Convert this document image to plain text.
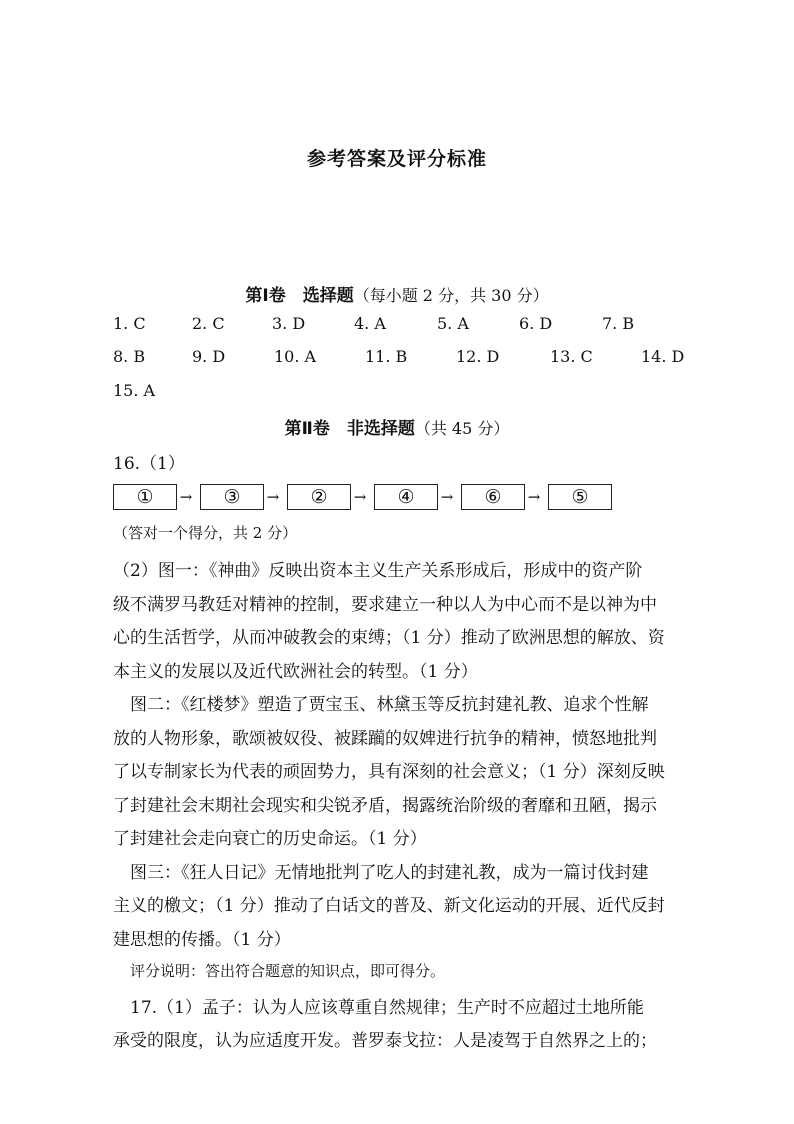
参考答案及评分标准
第Ⅰ卷　选择题（每小题 2 分，共 30 分）
1. C	2. C	3. D	4. A	5. A	6. D	7. B
8. B	9. D	10. A	11. B	12. D	13. C	14. D
15. A
第Ⅱ卷　非选择题（共 45 分）
16.（1）
①	→	③	→	②	→	④	→	⑥	→	⑤
（答对一个得分，共 2 分）
（2）图一：《神曲》反映出资本主义生产关系形成后，形成中的资产阶
级不满罗马教廷对精神的控制，要求建立一种以人为中心而不是以神为中
心的生活哲学，从而冲破教会的束缚；（1 分）推动了欧洲思想的解放、资
本主义的发展以及近代欧洲社会的转型。（1 分）
图二：《红楼梦》塑造了贾宝玉、林黛玉等反抗封建礼教、追求个性解
放的人物形象，歌颂被奴役、被蹂躏的奴婢进行抗争的精神，愤怒地批判
了以专制家长为代表的顽固势力，具有深刻的社会意义；（1 分）深刻反映
了封建社会末期社会现实和尖锐矛盾，揭露统治阶级的奢靡和丑陋，揭示
了封建社会走向衰亡的历史命运。（1 分）
图三：《狂人日记》无情地批判了吃人的封建礼教，成为一篇讨伐封建
主义的檄文；（1 分）推动了白话文的普及、新文化运动的开展、近代反封
建思想的传播。（1 分）
评分说明：答出符合题意的知识点，即可得分。
17.（1）孟子：认为人应该尊重自然规律；生产时不应超过土地所能
承受的限度，认为应适度开发。普罗泰戈拉：人是凌驾于自然界之上的；
